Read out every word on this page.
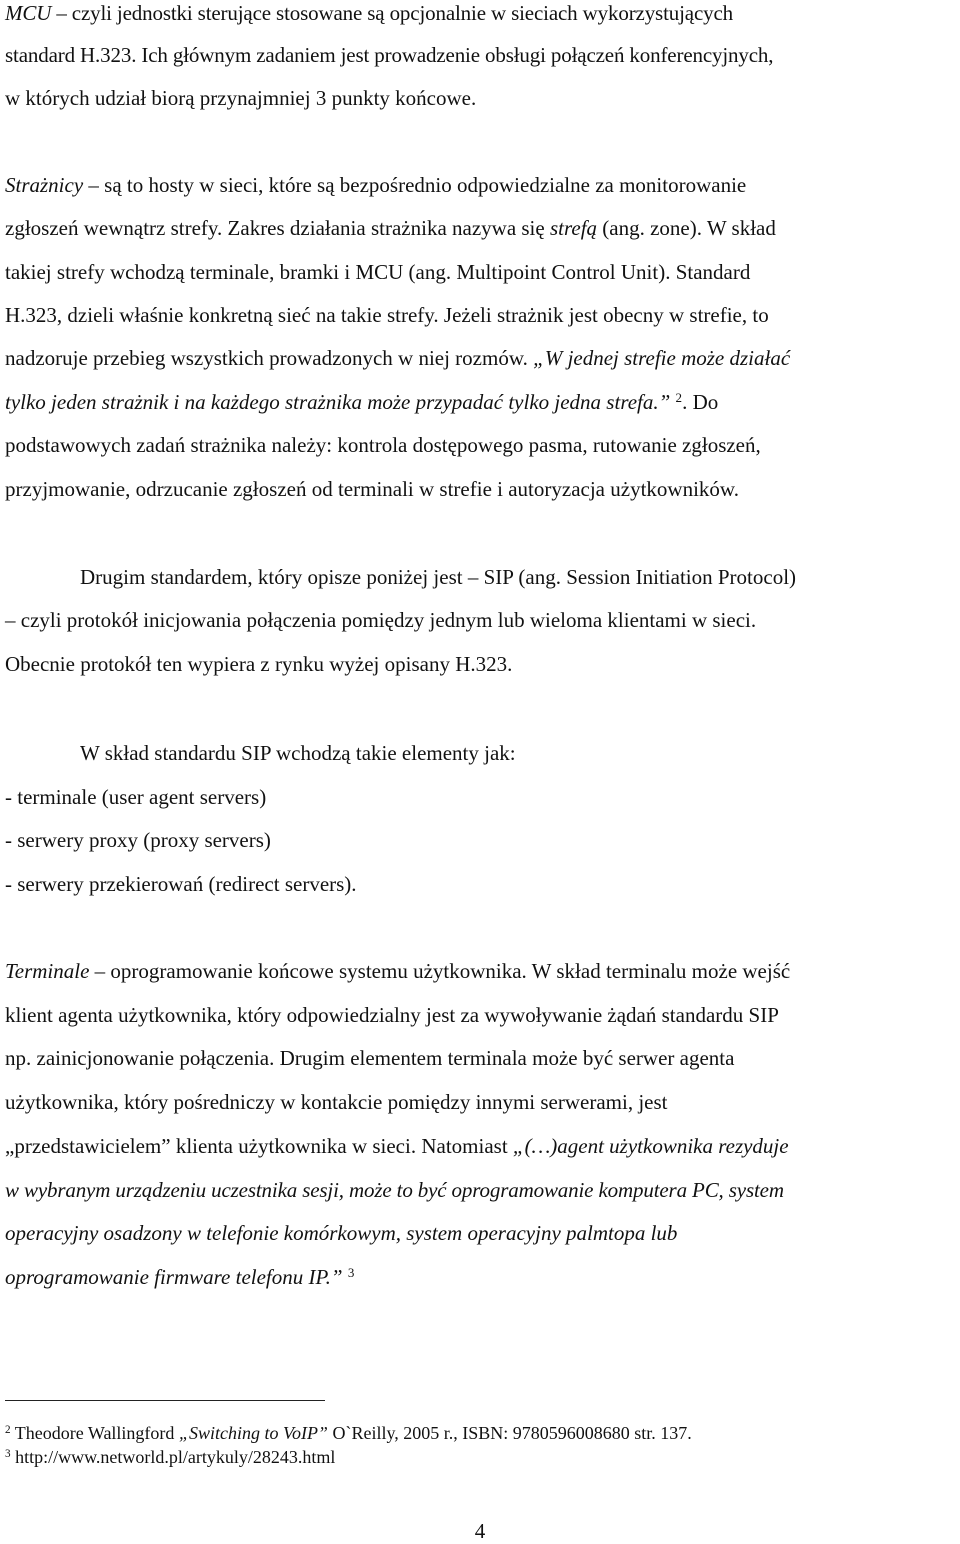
MCU – czyli jednostki sterujące stosowane są opcjonalnie w sieciach wykorzystujących
standard H.323. Ich głównym zadaniem jest prowadzenie obsługi połączeń konferencyjnych,
w których udział biorą przynajmniej 3 punkty końcowe.
Strażnicy – są to hosty w sieci, które są bezpośrednio odpowiedzialne za monitorowanie
zgłoszeń wewnątrz strefy. Zakres działania strażnika nazywa się strefą (ang. zone). W skład
takiej strefy wchodzą terminale, bramki i MCU (ang. Multipoint Control Unit). Standard
H.323, dzieli właśnie konkretną sieć na takie strefy. Jeżeli strażnik jest obecny w strefie, to
nadzoruje przebieg wszystkich prowadzonych w niej rozmów. „W jednej strefie może działać
tylko jeden strażnik i na każdego strażnika może przypadać tylko jedna strefa.” $^2$. Do
podstawowych zadań strażnika należy: kontrola dostępowego pasma, rutowanie zgłoszeń,
przyjmowanie, odrzucanie zgłoszeń od terminali w strefie i autoryzacja użytkowników.
Drugim standardem, który opisze poniżej jest – SIP (ang. Session Initiation Protocol)
– czyli protokół inicjowania połączenia pomiędzy jednym lub wieloma klientami w sieci.
Obecnie protokół ten wypiera z rynku wyżej opisany H.323.
W skład standardu SIP wchodzą takie elementy jak:
- terminale (user agent servers)
- serwery proxy (proxy servers)
- serwery przekierowań (redirect servers).
Terminale – oprogramowanie końcowe systemu użytkownika. W skład terminalu może wejść
klient agenta użytkownika, który odpowiedzialny jest za wywoływanie żądań standardu SIP
np. zainicjonowanie połączenia. Drugim elementem terminala może być serwer agenta
użytkownika, który pośredniczy w kontakcie pomiędzy innymi serwerami, jest
„przedstawicielem” klienta użytkownika w sieci. Natomiast „(…)agent użytkownika rezyduje
w wybranym urządzeniu uczestnika sesji, może to być oprogramowanie komputera PC, system
operacyjny osadzony w telefonie komórkowym, system operacyjny palmtopa lub
oprogramowanie firmware telefonu IP.” $^3$
$^2$ Theodore Wallingford „Switching to VoIP” O`Reilly, 2005 r., ISBN: 9780596008680 str. 137.
$^3$ http://www.networld.pl/artykuly/28243.html
4
